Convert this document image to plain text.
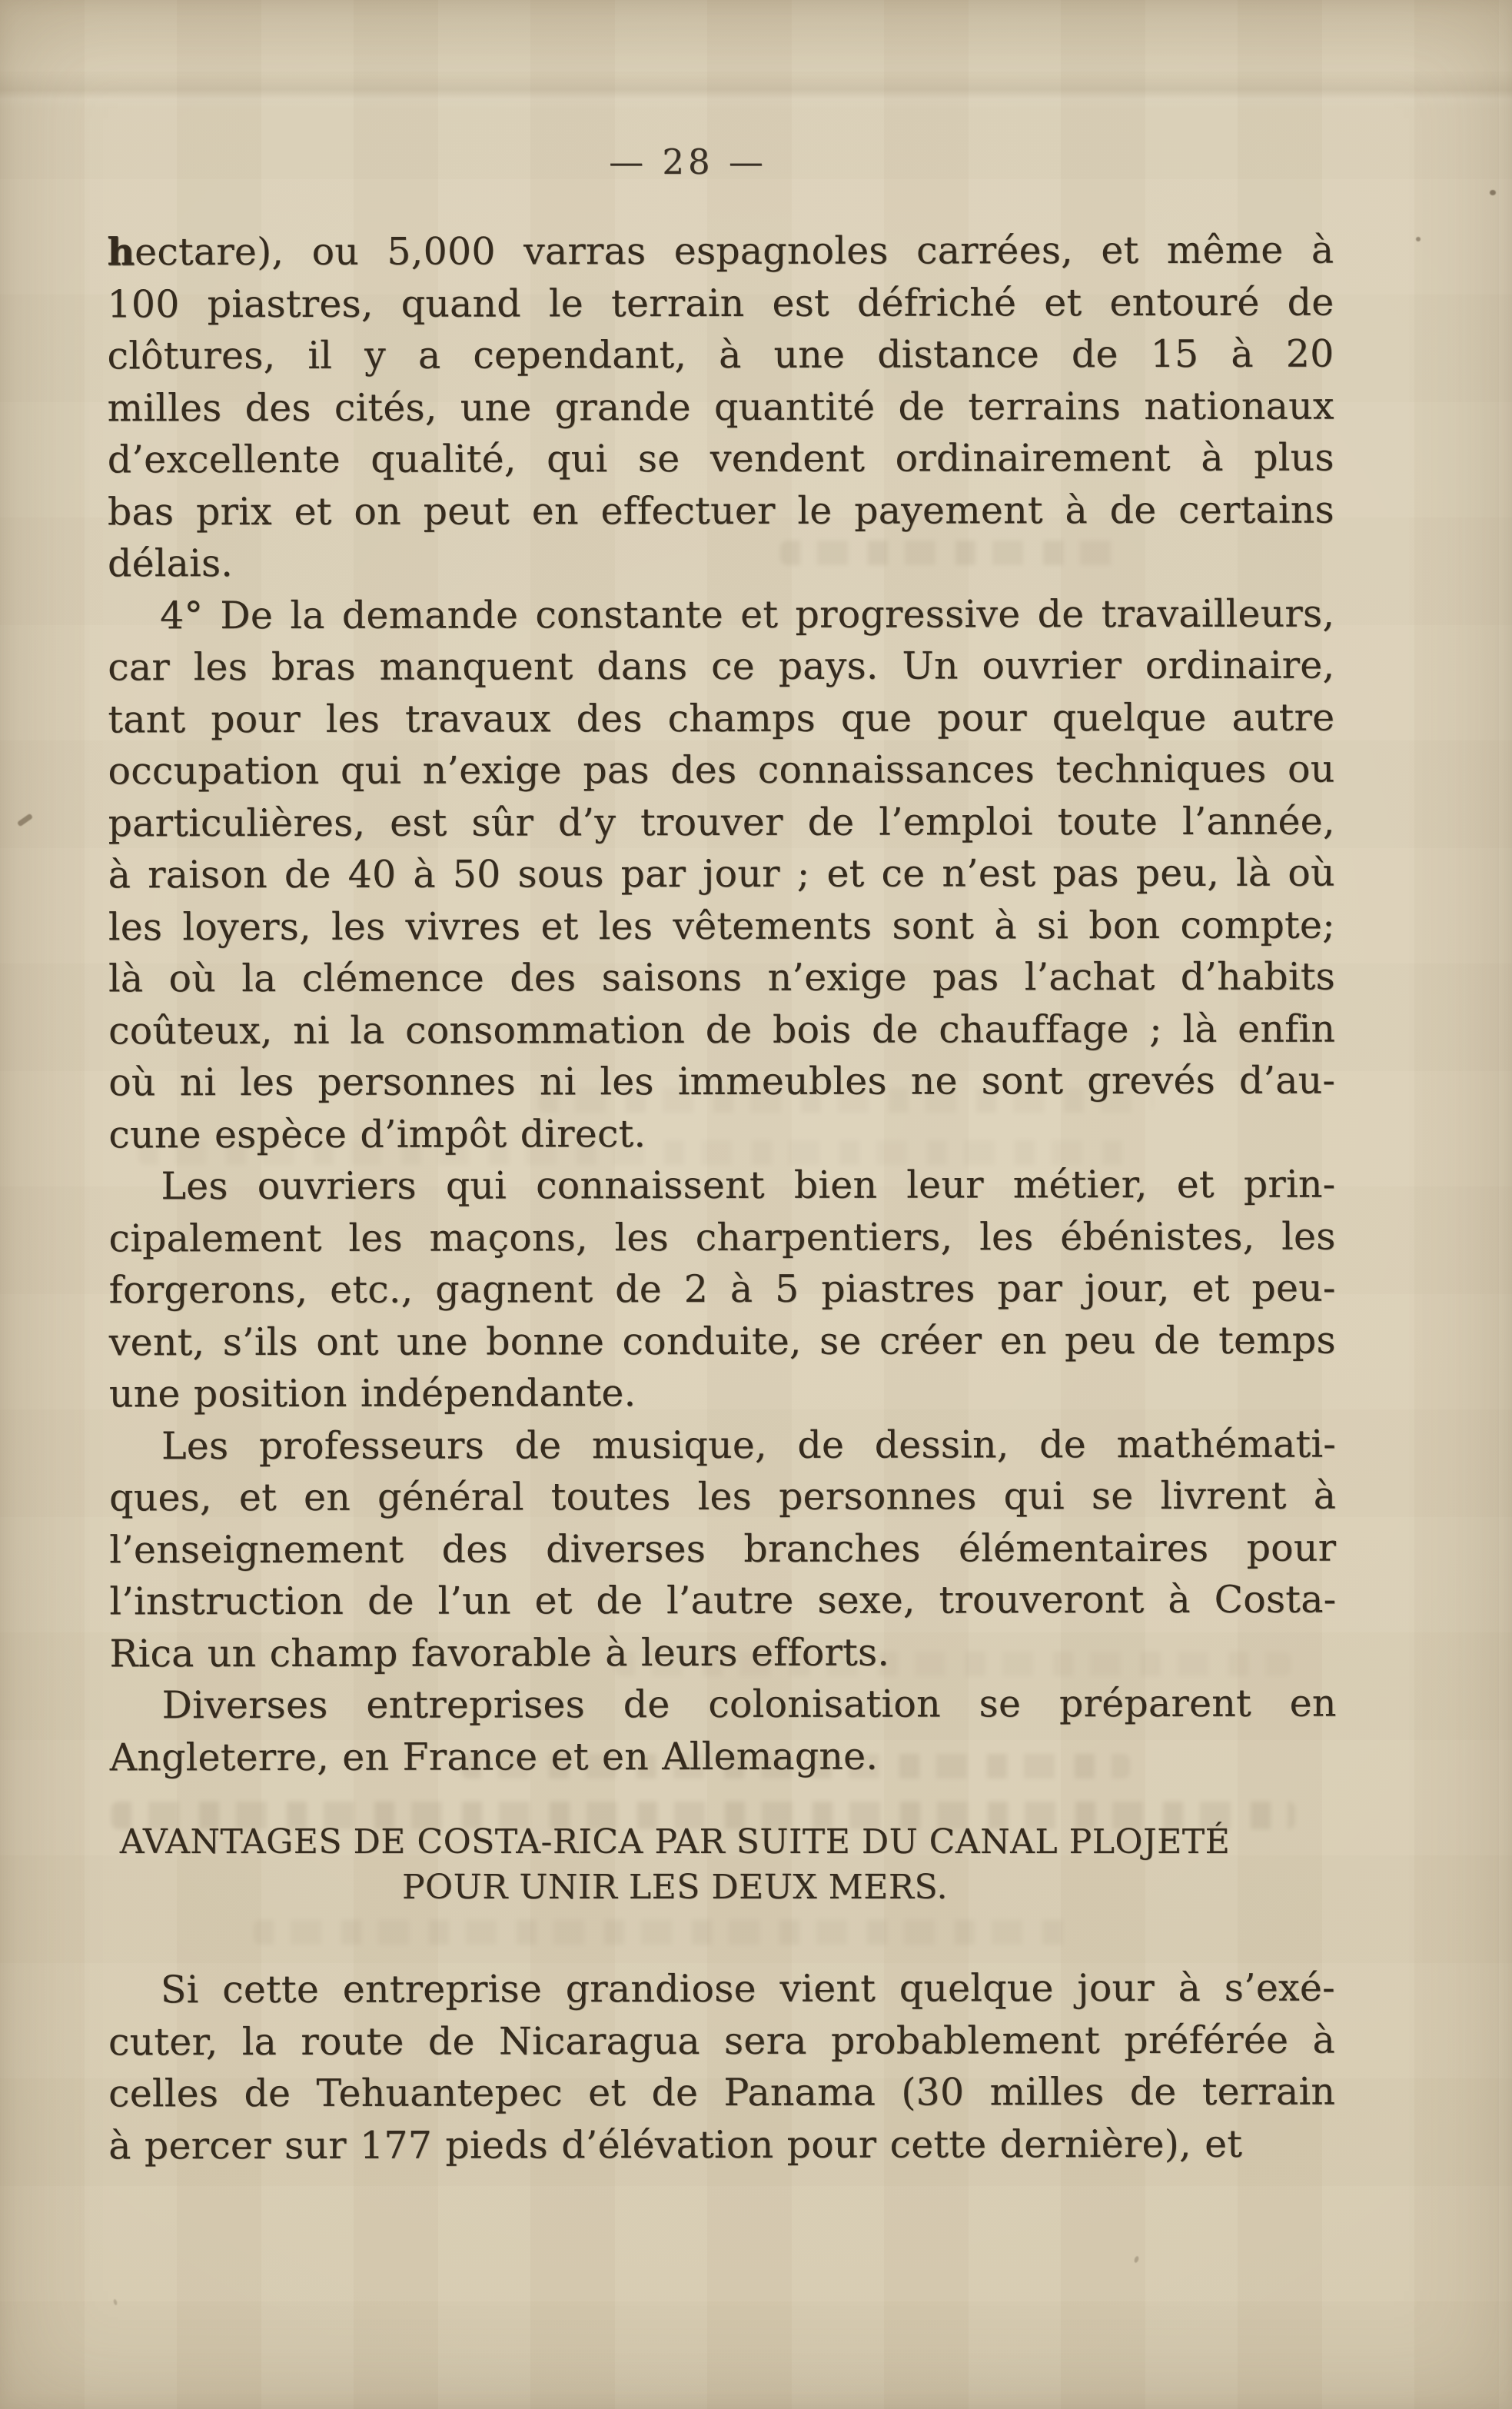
— 28 —
hectare), ou 5,000 varras espagnoles carrées, et même à
100 piastres, quand le terrain est défriché et entouré de
clôtures, il y a cependant, à une distance de 15 à 20
milles des cités, une grande quantité de terrains nationaux
d’excellente qualité, qui se vendent ordinairement à plus
bas prix et on peut en effectuer le payement à de certains
délais.
4° De la demande constante et progressive de travailleurs,
car les bras manquent dans ce pays. Un ouvrier ordinaire,
tant pour les travaux des champs que pour quelque autre
occupation qui n’exige pas des connaissances techniques ou
particulières, est sûr d’y trouver de l’emploi toute l’année,
à raison de 40 à 50 sous par jour ; et ce n’est pas peu, là où
les loyers, les vivres et les vêtements sont à si bon compte;
là où la clémence des saisons n’exige pas l’achat d’habits
coûteux, ni la consommation de bois de chauffage ; là enfin
où ni les personnes ni les immeubles ne sont grevés d’au-
cune espèce d’impôt direct.
Les ouvriers qui connaissent bien leur métier, et prin-
cipalement les maçons, les charpentiers, les ébénistes, les
forgerons, etc., gagnent de 2 à 5 piastres par jour, et peu-
vent, s’ils ont une bonne conduite, se créer en peu de temps
une position indépendante.
Les professeurs de musique, de dessin, de mathémati-
ques, et en général toutes les personnes qui se livrent à
l’enseignement des diverses branches élémentaires pour
l’instruction de l’un et de l’autre sexe, trouveront à Costa-
Rica un champ favorable à leurs efforts.
Diverses entreprises de colonisation se préparent en
Angleterre, en France et en Allemagne.
AVANTAGES DE COSTA-RICA PAR SUITE DU CANAL PLOJETÉ
POUR UNIR LES DEUX MERS.
Si cette entreprise grandiose vient quelque jour à s’exé-
cuter, la route de Nicaragua sera probablement préférée à
celles de Tehuantepec et de Panama (30 milles de terrain
à percer sur 177 pieds d’élévation pour cette dernière), et
